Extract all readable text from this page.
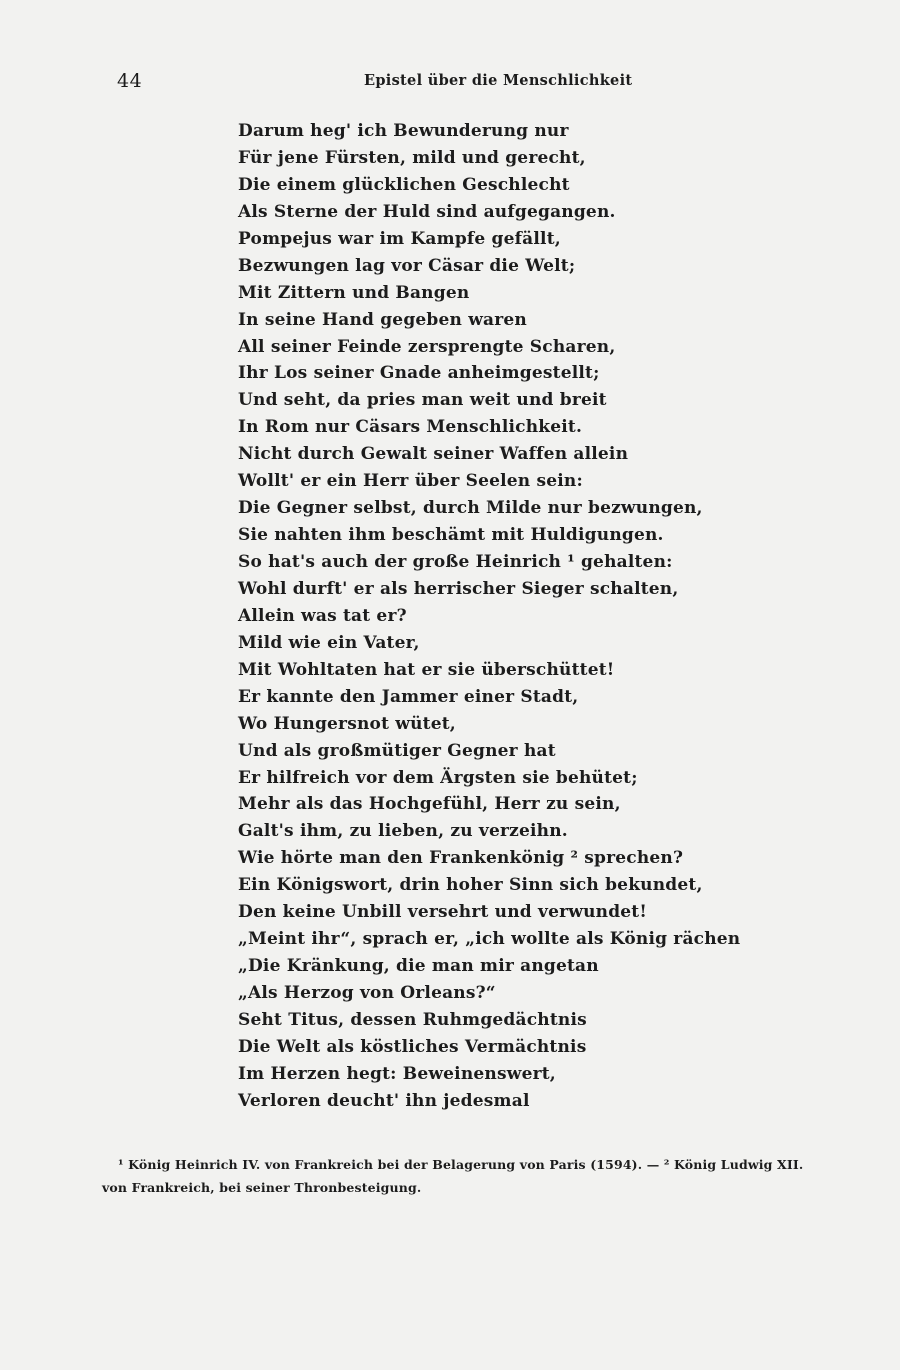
44	Epistel über die Menschlichkeit
Darum heg' ich Bewunderung nur
Für jene Fürsten, mild und gerecht,
Die einem glücklichen Geschlecht
Als Sterne der Huld sind aufgegangen.
Pompejus war im Kampfe gefällt,
Bezwungen lag vor Cäsar die Welt;
Mit Zittern und Bangen
In seine Hand gegeben waren
All seiner Feinde zersprengte Scharen,
Ihr Los seiner Gnade anheimgestellt;
Und seht, da pries man weit und breit
In Rom nur Cäsars Menschlichkeit.
Nicht durch Gewalt seiner Waffen allein
Wollt' er ein Herr über Seelen sein:
Die Gegner selbst, durch Milde nur bezwungen,
Sie nahten ihm beschämt mit Huldigungen.
So hat's auch der große Heinrich ¹ gehalten:
Wohl durft' er als herrischer Sieger schalten,
Allein was tat er?
Mild wie ein Vater,
Mit Wohltaten hat er sie überschüttet!
Er kannte den Jammer einer Stadt,
Wo Hungersnot wütet,
Und als großmütiger Gegner hat
Er hilfreich vor dem Ärgsten sie behütet;
Mehr als das Hochgefühl, Herr zu sein,
Galt's ihm, zu lieben, zu verzeihn.
Wie hörte man den Frankenkönig ² sprechen?
Ein Königswort, drin hoher Sinn sich bekundet,
Den keine Unbill versehrt und verwundet!
„Meint ihr“, sprach er, „ich wollte als König rächen
„Die Kränkung, die man mir angetan
„Als Herzog von Orleans?“
Seht Titus, dessen Ruhmgedächtnis
Die Welt als köstliches Vermächtnis
Im Herzen hegt: Beweinenswert,
Verloren deucht' ihn jedesmal
¹ König Heinrich IV. von Frankreich bei der Belagerung von Paris (1594). — ² König Ludwig XII.
von Frankreich, bei seiner Thronbesteigung.
